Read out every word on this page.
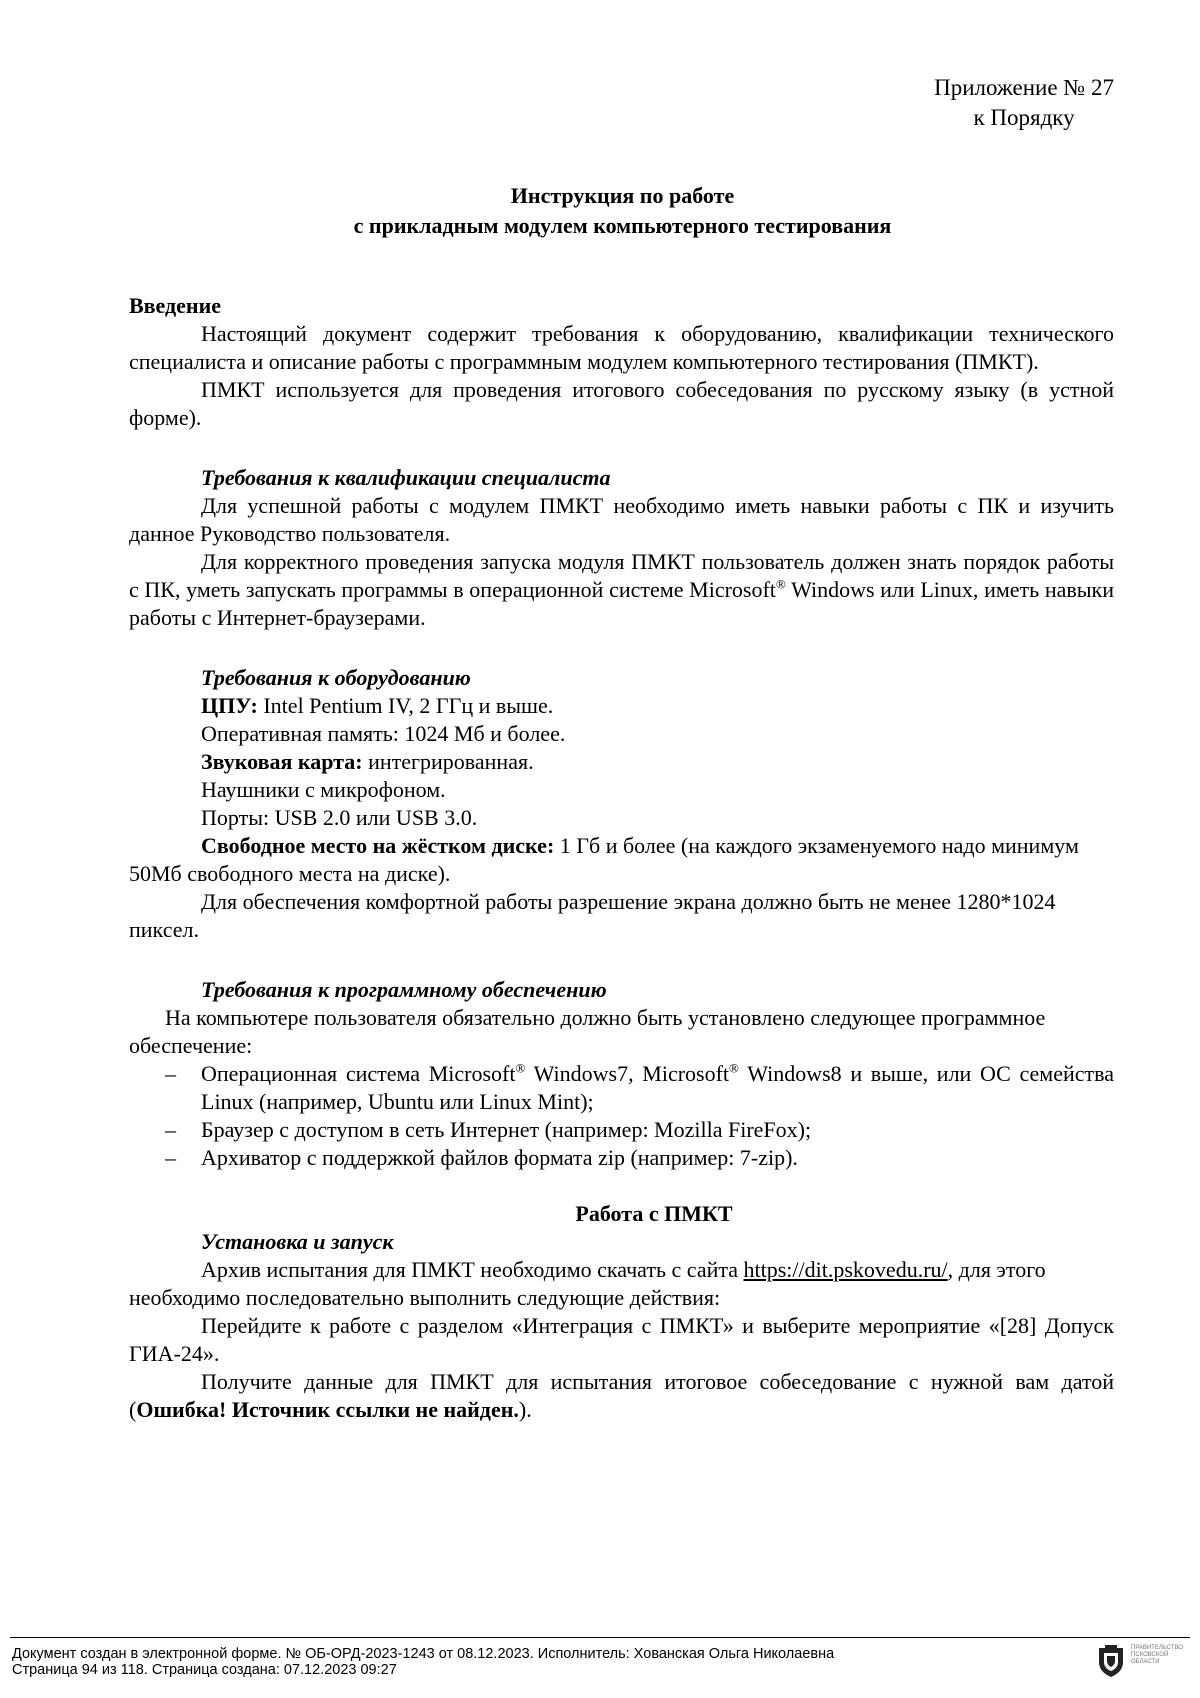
Приложение № 27
к Порядку
Инструкция по работе
с прикладным модулем компьютерного тестирования

Введение

Настоящий документ содержит требования к оборудованию, квалификации технического специалиста и описание работы с программным модулем компьютерного тестирования (ПМКТ).

ПМКТ используется для проведения итогового собеседования по русскому языку (в устной форме).

Требования к квалификации специалиста

Для успешной работы с модулем ПМКТ необходимо иметь навыки работы с ПК и изучить данное Руководство пользователя.

Для корректного проведения запуска модуля ПМКТ пользователь должен знать порядок работы с ПК, уметь запускать программы в операционной системе Microsoft® Windows или Linux, иметь навыки работы с Интернет-браузерами.

Требования к оборудованию

ЦПУ: Intel Pentium IV, 2 ГГц и выше.

Оперативная память: 1024 Мб и более.

Звуковая карта: интегрированная.

Наушники с микрофоном.

Порты: USB 2.0 или USB 3.0.

Свободное место на жёстком диске: 1 Гб и более (на каждого экзаменуемого надо минимум 50Мб свободного места на диске).

Для обеспечения комфортной работы разрешение экрана должно быть не менее 1280*1024 пиксел.

Требования к программному обеспечению

На компьютере пользователя обязательно должно быть установлено следующее программное обеспечение:

– Операционная система Microsoft® Windows7, Microsoft® Windows8 и выше, или ОС семейства Linux (например, Ubuntu или Linux Mint);
– Браузер с доступом в сеть Интернет (например: Mozilla FireFox);
– Архиватор с поддержкой файлов формата zip (например: 7-zip).

Работа с ПМКТ

Установка и запуск

Архив испытания для ПМКТ необходимо скачать с сайта https://dit.pskovedu.ru/, для этого необходимо последовательно выполнить следующие действия:

Перейдите к работе с разделом «Интеграция с ПМКТ» и выберите мероприятие «[28] Допуск ГИА-24».

Получите данные для ПМКТ для испытания итоговое собеседование с нужной вам датой (Ошибка! Источник ссылки не найден.).

Документ создан в электронной форме. № ОБ-ОРД-2023-1243 от 08.12.2023. Исполнитель: Хованская Ольга Николаевна
Страница 94 из 118. Страница создана: 07.12.2023 09:27
ПРАВИТЕЛЬСТВО ПСКОВСКОЙ ОБЛАСТИ
